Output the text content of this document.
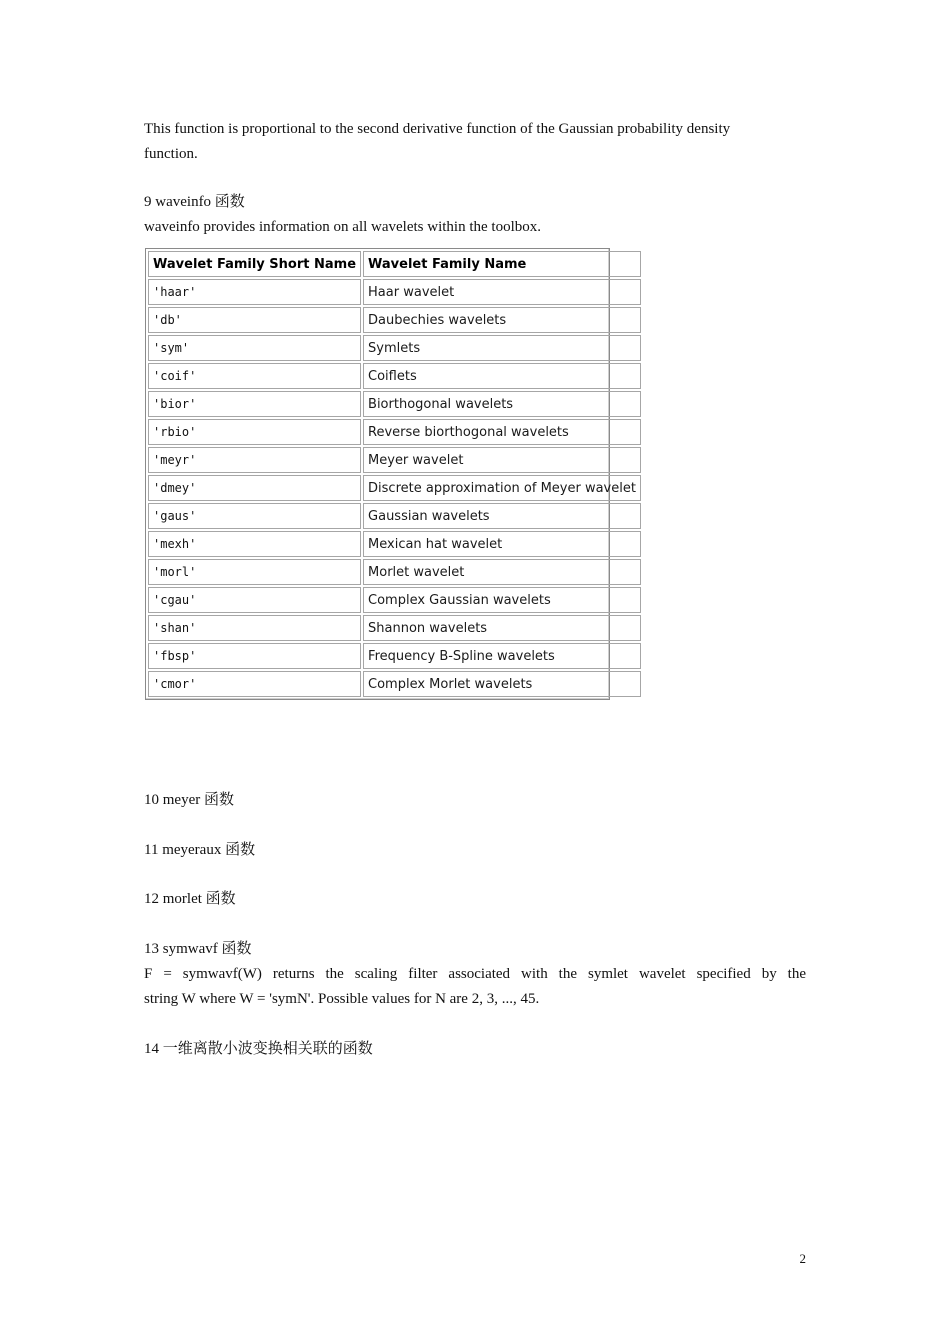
This function is proportional to the second derivative function of the Gaussian probability density
function.

9 waveinfo 函数
waveinfo provides information on all wavelets within the toolbox.

Wavelet Family Short Name	Wavelet Family Name
'haar'	Haar wavelet
'db'	Daubechies wavelets
'sym'	Symlets
'coif'	Coiflets
'bior'	Biorthogonal wavelets
'rbio'	Reverse biorthogonal wavelets
'meyr'	Meyer wavelet
'dmey'	Discrete approximation of Meyer wavelet
'gaus'	Gaussian wavelets
'mexh'	Mexican hat wavelet
'morl'	Morlet wavelet
'cgau'	Complex Gaussian wavelets
'shan'	Shannon wavelets
'fbsp'	Frequency B-Spline wavelets
'cmor'	Complex Morlet wavelets

10 meyer 函数

11 meyeraux 函数

12 morlet 函数

13 symwavf 函数
F = symwavf(W) returns the scaling filter associated with the symlet wavelet specified by the
string W where W = 'symN'. Possible values for N are 2, 3, ..., 45.

14 一维离散小波变换相关联的函数

2
